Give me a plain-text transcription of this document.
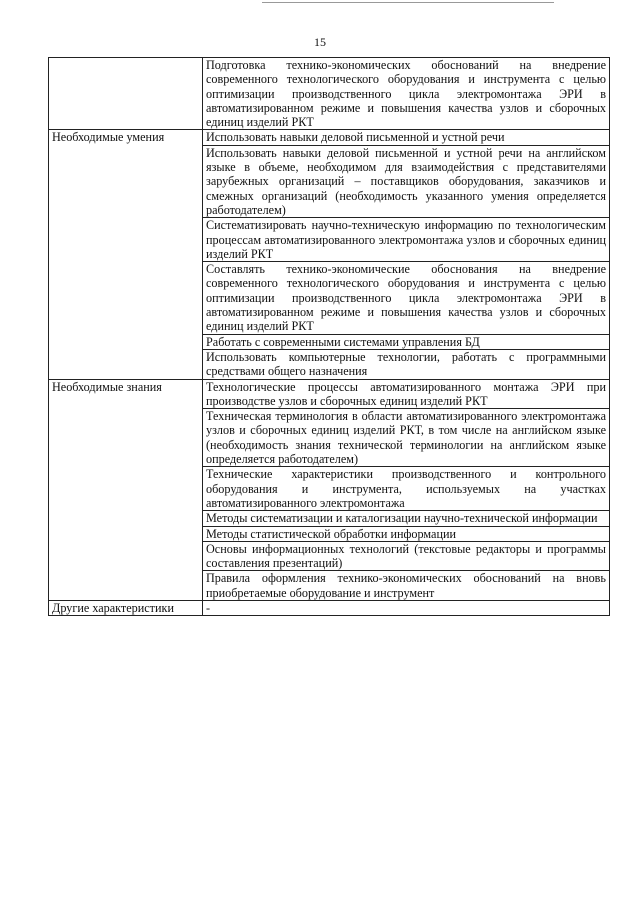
15
	Подготовка технико-экономических обоснований на внедрение современного технологического оборудования и инструмента с целью оптимизации производственного цикла электромонтажа ЭРИ в автоматизированном режиме и повышения качества узлов и сборочных единиц изделий РКТ
Необходимые умения	Использовать навыки деловой письменной и устной речи
	Использовать навыки деловой письменной и устной речи на английском языке в объеме, необходимом для взаимодействия с представителями зарубежных организаций – поставщиков оборудования, заказчиков и смежных организаций (необходимость указанного умения определяется работодателем)
	Систематизировать научно-техническую информацию по технологическим процессам автоматизированного электромонтажа узлов и сборочных единиц изделий РКТ
	Составлять технико-экономические обоснования на внедрение современного технологического оборудования и инструмента с целью оптимизации производственного цикла электромонтажа ЭРИ в автоматизированном режиме и повышения качества узлов и сборочных единиц изделий РКТ
	Работать с современными системами управления БД
	Использовать компьютерные технологии, работать с программными средствами общего назначения
Необходимые знания	Технологические процессы автоматизированного монтажа ЭРИ при производстве узлов и сборочных единиц изделий РКТ
	Техническая терминология в области автоматизированного электромонтажа узлов и сборочных единиц изделий РКТ, в том числе на английском языке (необходимость знания технической терминологии на английском языке определяется работодателем)
	Технические характеристики производственного и контрольного оборудования и инструмента, используемых на участках автоматизированного электромонтажа
	Методы систематизации и каталогизации научно-технической информации
	Методы статистической обработки информации
	Основы информационных технологий (текстовые редакторы и программы составления презентаций)
	Правила оформления технико-экономических обоснований на вновь приобретаемые оборудование и инструмент
Другие характеристики	-
